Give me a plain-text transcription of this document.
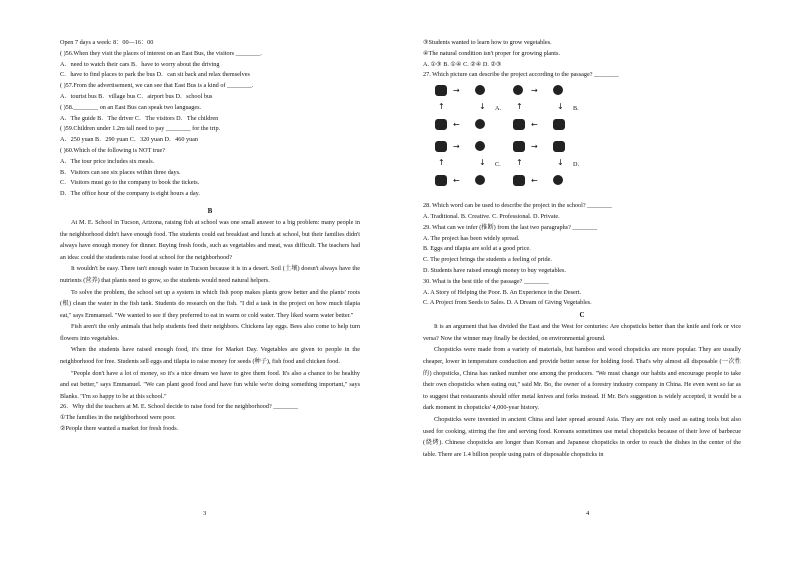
Open 7 days a week: 8：00—16：00
( )56.When they visit the places of interest on an East Bus, the visitors ________.
A．need to watch their cars B．have to worry about the driving
C．have to find places to park the bus D．can sit back and relax themselves
( )57.From the advertisement, we can see that East Bus is a kind of ________.
A．tourist bus B．village bus C．airport bus D．school bus
( )58.________ on an East Bus can speak two languages.
A．The guide B．The driver C．The visitors D．The children
( )59.Children under 1.2m tall need to pay ________ for the trip.
A．250 yuan B．290 yuan C．320 yuan D．460 yuan
( )60.Which of the following is NOT true?
A．The tour price includes six meals.
B．Visitors can see six places within three days.
C．Visitors must go to the company to book the tickets.
D．The office hour of the company is eight hours a day.
B
At M. E. School in Tucson, Arizona, raising fish at school was one small answer to a big problem: many people in the neighborhood didn't have enough food. The students could eat breakfast and lunch at school, but their families didn't always have enough money for dinner. Buying fresh foods, such as vegetables and meat, was difficult. The teachers had an idea: could the students raise food at school for the neighborhood?
It wouldn't be easy. There isn't enough water in Tucson because it is in a desert. Soil (土壤) doesn't always have the nutrients (营养) that plants need to grow, so the students would need natural helpers.
To solve the problem, the school set up a system in which fish poop makes plants grow better and the plants' roots (根) clean the water in the fish tank. Students do research on the fish. "I did a task in the project on how much tilapia eat," says Emmanuel. "We wanted to see if they preferred to eat in warm or cold water. They liked warm water better."
Fish aren't the only animals that help students feed their neighbors. Chickens lay eggs. Bees also come to help turn flowers into vegetables.
When the students have raised enough food, it's time for Market Day. Vegetables are given to people in the neighborhood for free. Students sell eggs and tilapia to raise money for seeds (种子), fish food and chicken food.
"People don't have a lot of money, so it's a nice dream we have to give them food. It's also a chance to be healthy and eat better," says Emmanuel. "We can plant good food and have fun while we're doing something important," says Blanks. "I'm so happy to be at this school."
26．Why did the teachers at M. E. School decide to raise food for the neighborhood? ________
①The families in the neighborhood were poor.
②People there wanted a market for fresh foods.
3
③Students wanted to learn how to grow vegetables.
④The natural condition isn't proper for growing plants.
A. ①③ B. ①④ C. ②④ D. ②③
27. Which picture can describe the project according to the passage? ________
A.
C.
B.
D.
→
↓
←
↑
→
↓
←
↑
→
↓
←
↑
→
↓
←
↑
28. Which word can be used to describe the project in the school? ________
A. Traditional. B. Creative. C. Professional. D. Private.
29. What can we infer (推断) from the last two paragraphs? ________
A. The project has been widely spread.
B. Eggs and tilapia are sold at a good price.
C. The project brings the students a feeling of pride.
D. Students have raised enough money to buy vegetables.
30. What is the best title of the passage? ________
A. A Story of Helping the Poor. B. An Experience in the Desert.
C. A Project from Seeds to Sales. D. A Dream of Giving Vegetables.
C
It is an argument that has divided the East and the West for centuries: Are chopsticks better than the knife and fork or vice versa? Now the winner may finally be decided, on environmental ground.
Chopsticks were made from a variety of materials, but bamboo and wood chopsticks are more popular. They are usually cheaper, lower in temperature conduction and provide better sense for holding food. That's why almost all disposable (一次性的) chopsticks, China has ranked number one among the producers. "We must change our habits and encourage people to take their own chopsticks when eating out," said Mr. Bo, the owner of a forestry industry company in China. He even went so far as to suggest that restaurants should offer metal knives and forks instead. If Mr. Bo's suggestion is widely accepted, it would be a dark moment in chopsticks' 4,000-year history.
Chopsticks were invented in ancient China and later spread around Asia. They are not only used as eating tools but also used for cooking, stirring the fire and serving food. Koreans sometimes use metal chopsticks because of their love of barbecue (烧烤). Chinese chopsticks are longer than Korean and Japanese chopsticks in order to reach the dishes in the center of the table. There are 1.4 billion people using pairs of disposable chopsticks in
4
